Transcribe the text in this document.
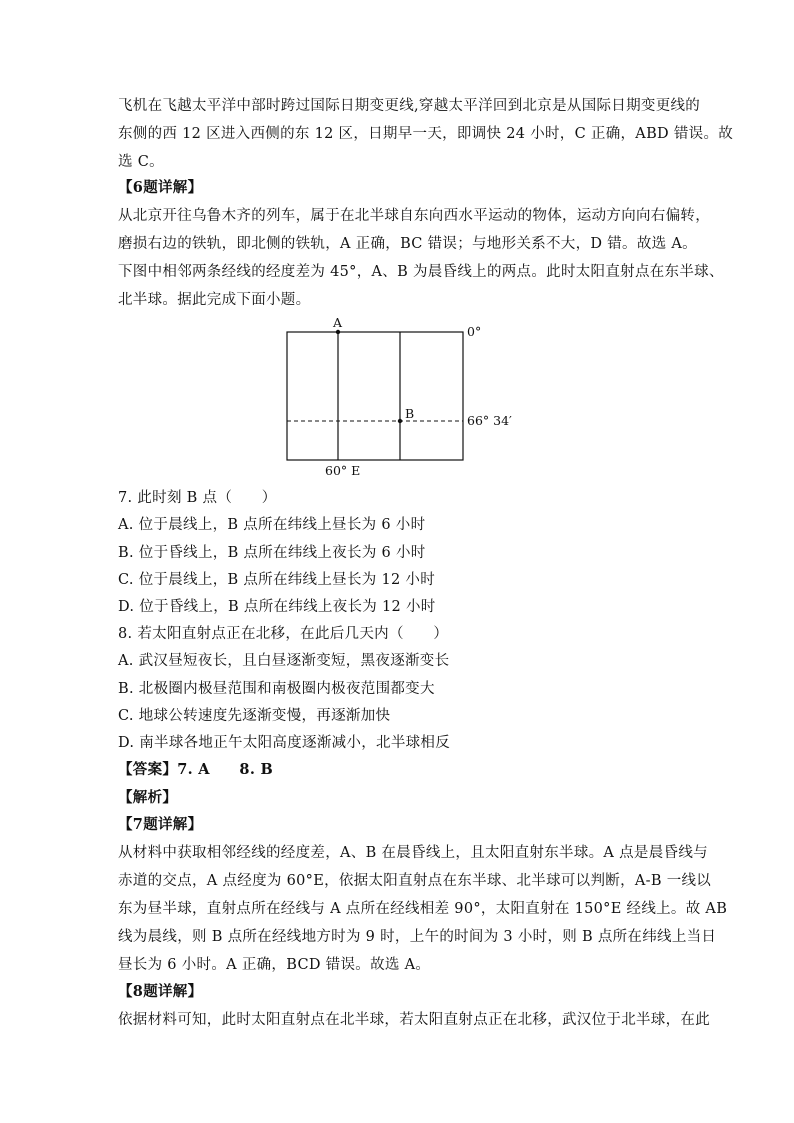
飞机在飞越太平洋中部时跨过国际日期变更线,穿越太平洋回到北京是从国际日期变更线的
东侧的西 12 区进入西侧的东 12 区，日期早一天，即调快 24 小时，C 正确，ABD 错误。故
选 C。
【6题详解】
从北京开往乌鲁木齐的列车，属于在北半球自东向西水平运动的物体，运动方向向右偏转，
磨损右边的铁轨，即北侧的铁轨，A 正确，BC 错误；与地形关系不大，D 错。故选 A。
下图中相邻两条经线的经度差为 45°，A、B 为晨昏线上的两点。此时太阳直射点在东半球、
北半球。据此完成下面小题。
A
B
0°
66° 34′
60° E
7. 此时刻 B 点（　　）
A. 位于晨线上，B 点所在纬线上昼长为 6 小时
B. 位于昏线上，B 点所在纬线上夜长为 6 小时
C. 位于晨线上，B 点所在纬线上昼长为 12 小时
D. 位于昏线上，B 点所在纬线上夜长为 12 小时
8. 若太阳直射点正在北移，在此后几天内（　　）
A. 武汉昼短夜长，且白昼逐渐变短，黑夜逐渐变长
B. 北极圈内极昼范围和南极圈内极夜范围都变大
C. 地球公转速度先逐渐变慢，再逐渐加快
D. 南半球各地正午太阳高度逐渐减小，北半球相反
【答案】7. A　　8. B
【解析】
【7题详解】
从材料中获取相邻经线的经度差，A、B 在晨昏线上，且太阳直射东半球。A 点是晨昏线与
赤道的交点，A 点经度为 60°E，依据太阳直射点在东半球、北半球可以判断，A-B 一线以
东为昼半球，直射点所在经线与 A 点所在经线相差 90°，太阳直射在 150°E 经线上。故 AB
线为晨线，则 B 点所在经线地方时为 9 时，上午的时间为 3 小时，则 B 点所在纬线上当日
昼长为 6 小时。A 正确，BCD 错误。故选 A。
【8题详解】
依据材料可知，此时太阳直射点在北半球，若太阳直射点正在北移，武汉位于北半球，在此
